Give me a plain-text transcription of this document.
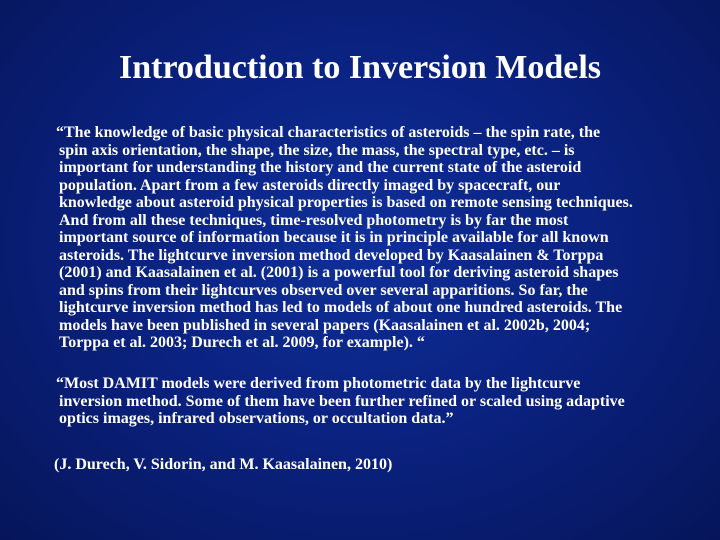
Introduction to Inversion Models
“The knowledge of basic physical characteristics of asteroids – the spin rate, the
spin axis orientation, the shape, the size, the mass, the spectral type, etc. – is
important for understanding the history and the current state of the asteroid
population. Apart from a few asteroids directly imaged by spacecraft, our
knowledge about asteroid physical properties is based on remote sensing techniques.
And from all these techniques, time-resolved photometry is by far the most
important source of information because it is in principle available for all known
asteroids. The lightcurve inversion method developed by Kaasalainen & Torppa
(2001) and Kaasalainen et al. (2001) is a powerful tool for deriving asteroid shapes
and spins from their lightcurves observed over several apparitions. So far, the
lightcurve inversion method has led to models of about one hundred asteroids. The
models have been published in several papers (Kaasalainen et al. 2002b, 2004;
Torppa et al. 2003; Durech et al. 2009, for example). “
“Most DAMIT models were derived from photometric data by the lightcurve
inversion method. Some of them have been further refined or scaled using adaptive
optics images, infrared observations, or occultation data.”
(J. Durech, V. Sidorin, and M. Kaasalainen, 2010)
